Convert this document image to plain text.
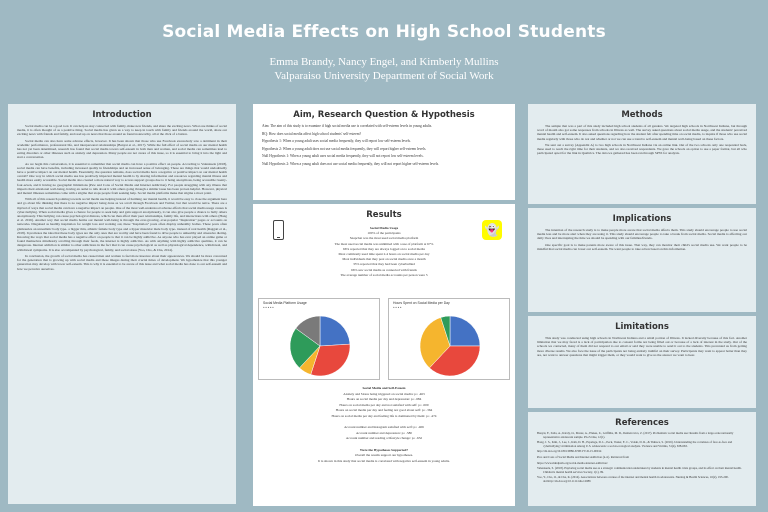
Social Media Effects on High School Students
Emma Brandy, Nancy Engel, and Kimberly Mullins
Valparaiso University Department of Social Work
Introduction

Social media can be a good tool. It can help us stay connected with family, make new friends, and share the exciting news. What one thinks of social media, it is often thought of as a positive thing. Social media has given us a way to keep in touch with family and friends around the world, share our exciting news with friends and family, and read up on news that those around us found noteworthy, all at the click of a button.

Social media can also have some adverse effects, however. It has been shown that those who use Facebook excessively saw a detriment in their academic performance, professional life, and interpersonal relationships (Banyai et al., 2017). While the full effect of social media on our mental health has not yet been determined, research has found that social media towers self-esteem in both men and women, and social media can sometimes lead to eating disorders or other illnesses such as anxiety and depression. Many people are not aware of this issue, so it is essential to bring it into the light and start a conversation.

As we begin this conversation, it is essential to remember that social media can have a positive effect on people. According to Valenzuela (2018), social media can have benefits, including increased quality in friendships and an increased sense of belonging. These are things that would undoubtedly have a positive impact on our mental health. Essentially, the question remains, does social media have a negative or positive impact on our mental health overall? One way in which social media use has positively impacted mental health is by sharing information and resources regarding mental illness and health more easily accessible. Social media also created a more natural way to access support groups due to it being anonymous, being accessible twenty-four-seven, and it having no geographic limitations (Pew and Cons of Social Media and Internet Addiction). For people struggling with any illness that impacts their emotional well-being, having an outlet to talk about it with others going through a similar issue has been proven helpful. However, physical and mental illnesses sometimes come with a stigma that stops people from seeking help. Social media platforms make that stigma a moot point.

With all of this research pointing towards social media use helping instead of harming our mental health, it would be easy to close the argument here and go about life thinking that there is no negative impact being done as we scroll through Facebook and Twitter, but that would be naive. There are a myriad of ways that social media can have a negative impact on people. One of the most well-understood adverse effects that social media usage causes is cyber-bullying. When social media gives a chance for people to seek help and gain support anonymously, it can also give people a chance to bully others anonymously. This bullying can cause psychological distress, which can then affect their peer relationships, family life, and interactions with others (Hong et al. 2016). Another way that social media harms our mental well-being is through the ever-growing, ever-popular "Inspiration" pages or accounts on networks. Disguised as healthy inspiration for weight loss and working out, these "Inspiration" posts often display unhealthy bodies. These posts often glamourize an unrealistic body type- a bigger thin, athletic female body type and a hyper muscular male body type- instead of real health (Raggatt et al., 2018). It promotes the idea that these body types are the only ones that are worthy and have been found to drive people to unhealthy and obsessive dieting. Knowing the ways that social media has a negative effect on people is that it can be highly addictive. As anyone who has ever played an online game or found themselves mindlessly scrolling through their feeds, the internet is highly addictive. As with anything with highly addictive qualities, it can be dangerous. Internet addiction is similar to other addictions in the fact that it can cause psychological as well as physiological dependence, withdrawal, and withdrawal symptoms. It is also accompanied by psychological, family, and social stress (Yoo, Cho, & Cha, 2014).

In conclusion, the growth of social media has caused men and women to feel more insecure about their appearances. We should be more concerned for the generation that is growing up with social media and these images during their crucial times of development. We hypothesize that this younger generation may develop with lower self-esteem. This is why it is essential to be aware of this issue and what social media has done to our self-esteem and how we perceive ourselves.

Aim, Research Question & Hypothesis

Aim: The aim of this study is to examine if high social media use is correlated with self-esteem levels in young adults.

RQ: How does social media affect high school students' self-esteem?

Hypothesis 1: When a young adult uses social media frequently, they will report low self-esteem levels.

Hypothesis 2: When a young adult does not use social media frequently, they will report higher self-esteem levels.

Null Hypothesis 1: When a young adult uses social media frequently, they will not report low self-esteem levels.

Null Hypothesis 2: When a young adult does not use social media frequently, they will not report higher self-esteem levels.

Results
👻
Social Media Usage
100% of the participants
Snapchat was the most used social media platform
The most used social media was unlimited with a use of platform at 67%
66% reported that they are always logged on to social media
Most commonly used time spent 2-4 hours on social media per day
Most individuals that they post on social media once a month
33% reported that they had been cyberbullied
66% saw social media as connected with friends
The average number of social media accounts per person were 5
Social Media Platform Usage
● ● ● ● ●
Hours Spent on Social Media per Day
● ● ● ●
Social Media and Self-Esteem
Anxiety and Stress being triggered on social media: p= .463
Hours on social media per day and depression: p= .684
Hours on social media per day and not satisfied with self: p= .000
Hours on social media per day and feeling not good about self: p= .364
Hours on social media per day and feeling life is dominated by them: p= .474

Account number and Instagram satisfied with self: p= .406
Account number and depression: p= .580
Account number and reading a lifestyle change: p= .632

Were the Hypotheses Supported?
Overall the results support our hypotheses.
It is shown in this study that social media is correlated with negative self-esteem in young adults.
Methods

The sample that was a part of this study included high school students of all genders. We targeted high schools in Northwest Indiana, but through word of mouth also got some responses from schools in Illinois as well. The survey asked questions about social media usage, and the students' perceived mental health and self-esteem. It also asked questions regarding how the student felt after spending time on social media, to inquire if those who use social media regularly with those who do not and whether or not we can use a trend to self-esteem and mental well-being based on these factors.

We sent out a survey (Appendix A) to two high schools in Northwest Indiana via an online link. Out of the two schools only one responded back, these used to reach the right time for their students, and we also received respondents. We gave the schools an option to use a paper format, but all who participated opted for the link in Qualtrics. The data we gathered has been ran through SPSS for analysis.

Implications

The intention of the research study is to make people more aware that social media affects them. This study should encourage people to use social media less and be more alert when they are using it. This study should encourage people to take a break from social media. Social media is affecting our daily lives and interrupting the time we should be spending with our families/friends.

One specific goal is to make parents more aware of this issue. That way, they can monitor their child's social media use. We want people to be mindful that social media can lower our self-esteem. We want people to take action based on this information.

Limitations

This study was conducted using high schools in Northwest Indiana and a small portion of Illinois. It lacked diversity because of this fact. Another limitation that we may faced is a lack of participation due to consent forms not being filled out or because of a lack of interest in the study. Out of the schools we contacted, many of them did not respond to our email or said they were unable to send it out to the students. This prevented us from getting more diverse results. We also face the issue of the participants not being entirely truthful on their survey. Participants may want to appear better than they are, not want to answer questions that might trigger them, or they would want to give us the answer we want to hear.

References

Banyai, F., Zsila, A., Kiraly, O., Maraz, A., Elekes, Z., Griffiths, M. D., Demetrovics, Z. (2017). Problematic social media use: Results from a large-scale nationally representative adolescent sample. PLoS One, 12(1).

Hong, J. S., Kim, J., Lee, J., Kim, D. H., Espelage, D. L., Peck, Vauter, E. C., Voisin, D. R., & Tiuhaca, S. (2016). Understanding the correlates of face-to-face and cyberbullying victimization among U.S. adolescents: a social-ecological analysis. Violence and Victims, 31(4), 638-663.

http://dx.doi.org/10.1891/0886-6708.VV-D-15-00014

Pros and Cons of Social Media and Internet Addiction (n.d.). Retrieved from

https://www.mindpath.org/social-media-internet-addiction/

Valenzuela, S. (2018). Exploring social media use as a strategic communication undertaken by students in mental health crisis groups, and its effect on their mental health. Children's mental health services Society, 1(1), 99.

Yoo, Y., Cho, O., & Cha, K. (2014). Associations between overuse of the internet and mental health in adolescents. Nursing & Health Sciences, 16(2), 193-200. doi:http://dx.doi.org/10.1111/nhs.12086
